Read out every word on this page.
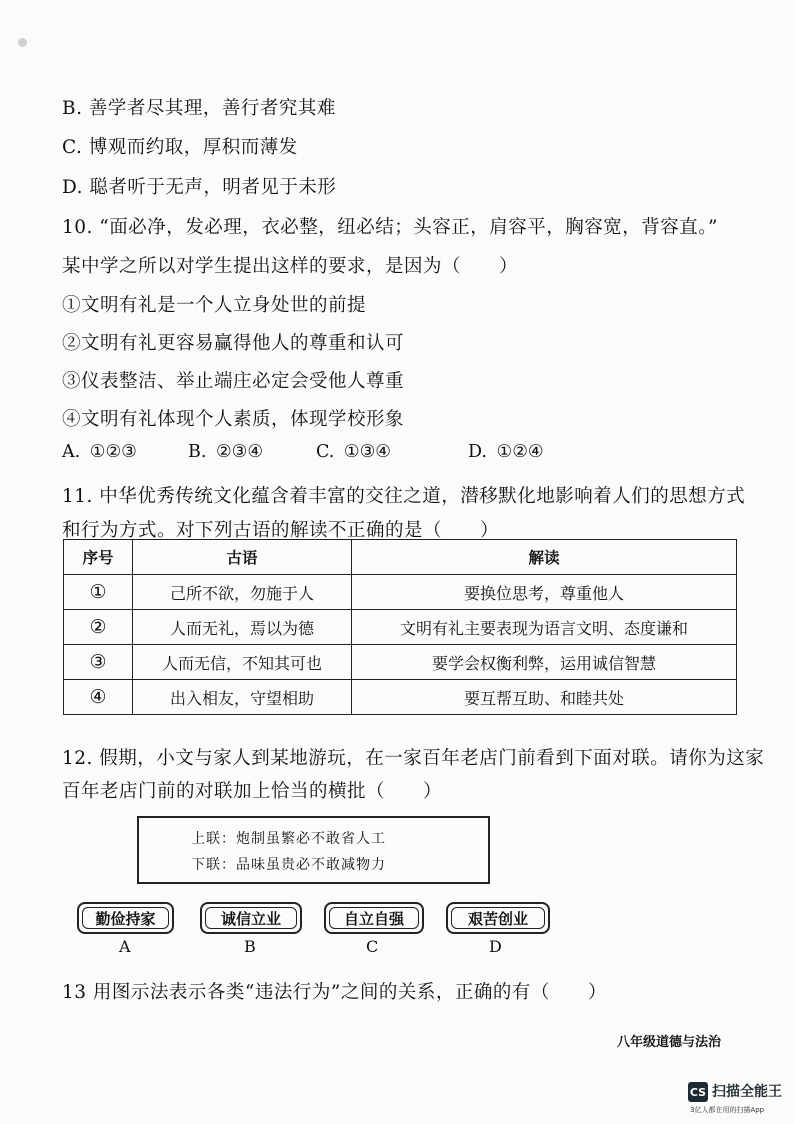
B. 善学者尽其理，善行者究其难
C. 博观而约取，厚积而薄发
D. 聪者听于无声，明者见于未形
10. “面必净，发必理，衣必整，纽必结；头容正，肩容平，胸容宽，背容直。”
某中学之所以对学生提出这样的要求，是因为（　　）
①文明有礼是一个人立身处世的前提
②文明有礼更容易赢得他人的尊重和认可
③仪表整洁、举止端庄必定会受他人尊重
④文明有礼体现个人素质，体现学校形象
A. ①②③	B. ②③④	C. ①③④	D. ①②④
11. 中华优秀传统文化蕴含着丰富的交往之道，潜移默化地影响着人们的思想方式
和行为方式。对下列古语的解读不正确的是（　　）
序号	古语	解读
①	己所不欲，勿施于人	要换位思考，尊重他人
②	人而无礼，焉以为德	文明有礼主要表现为语言文明、态度谦和
③	人而无信，不知其可也	要学会权衡利弊，运用诚信智慧
④	出入相友，守望相助	要互帮互助、和睦共处
12. 假期，小文与家人到某地游玩，在一家百年老店门前看到下面对联。请你为这家
百年老店门前的对联加上恰当的横批（　　）
上联：炮制虽繁必不敢省人工
下联：品味虽贵必不敢减物力
勤俭持家	诚信立业	自立自强	艰苦创业
A	B	C	D
13 用图示法表示各类“违法行为”之间的关系，正确的有（　　）
八年级道德与法治
CS 扫描全能王
3亿人都在用的扫描App
